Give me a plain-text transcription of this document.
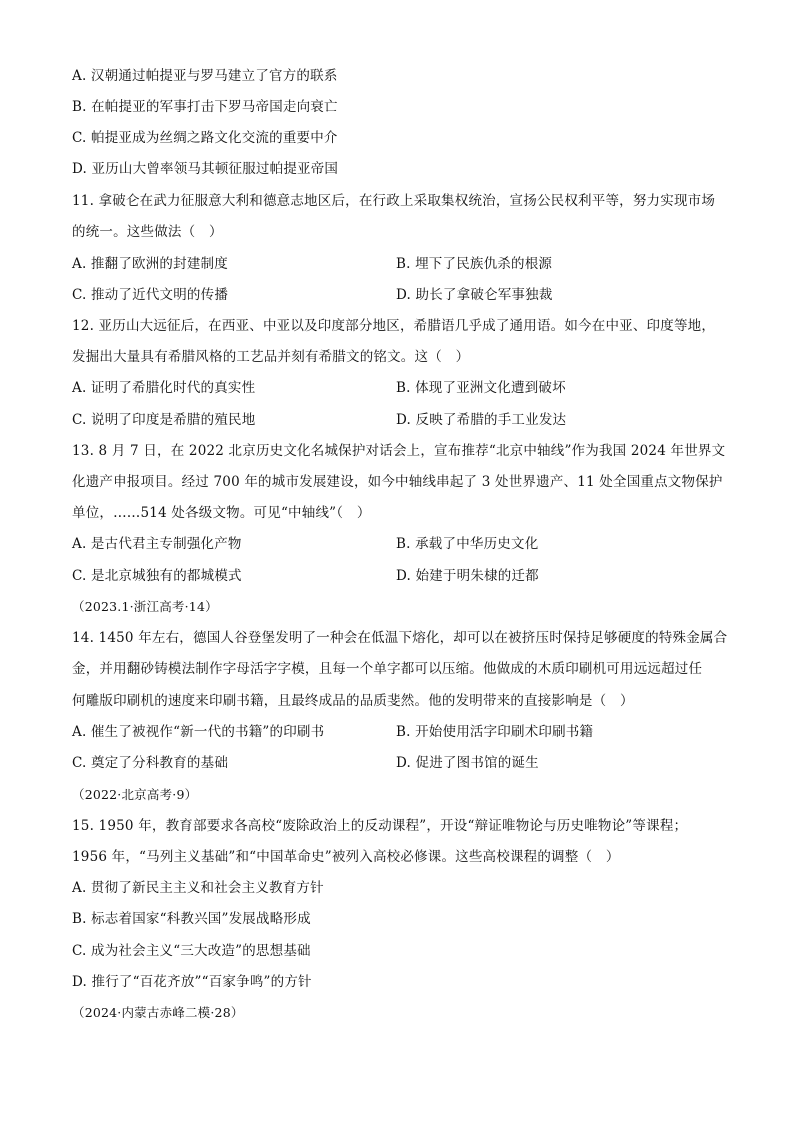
A. 汉朝通过帕提亚与罗马建立了官方的联系
B. 在帕提亚的军事打击下罗马帝国走向衰亡
C. 帕提亚成为丝绸之路文化交流的重要中介
D. 亚历山大曾率领马其顿征服过帕提亚帝国
11. 拿破仑在武力征服意大利和德意志地区后，在行政上采取集权统治，宣扬公民权利平等，努力实现市场
的统一。这些做法（　）
A. 推翻了欧洲的封建制度	B. 埋下了民族仇杀的根源
C. 推动了近代文明的传播	D. 助长了拿破仑军事独裁
12. 亚历山大远征后，在西亚、中亚以及印度部分地区，希腊语几乎成了通用语。如今在中亚、印度等地，
发掘出大量具有希腊风格的工艺品并刻有希腊文的铭文。这（　）
A. 证明了希腊化时代的真实性	B. 体现了亚洲文化遭到破坏
C. 说明了印度是希腊的殖民地	D. 反映了希腊的手工业发达
13. 8 月 7 日，在 2022 北京历史文化名城保护对话会上，宣布推荐“北京中轴线”作为我国 2024 年世界文
化遗产申报项目。经过 700 年的城市发展建设，如今中轴线串起了 3 处世界遗产、11 处全国重点文物保护
单位，……514 处各级文物。可见“中轴线”（　）
A. 是古代君主专制强化产物	B. 承载了中华历史文化
C. 是北京城独有的都城模式	D. 始建于明朱棣的迁都
（2023.1·浙江高考·14）
14. 1450 年左右，德国人谷登堡发明了一种会在低温下熔化，却可以在被挤压时保持足够硬度的特殊金属合
金，并用翻砂铸模法制作字母活字字模，且每一个单字都可以压缩。他做成的木质印刷机可用远远超过任
何雕版印刷机的速度来印刷书籍，且最终成品的品质斐然。他的发明带来的直接影响是（　）
A. 催生了被视作“新一代的书籍”的印刷书	B. 开始使用活字印刷术印刷书籍
C. 奠定了分科教育的基础	D. 促进了图书馆的诞生
（2022·北京高考·9）
15. 1950 年，教育部要求各高校“废除政治上的反动课程”，开设“辩证唯物论与历史唯物论”等课程；
1956 年，“马列主义基础”和“中国革命史”被列入高校必修课。这些高校课程的调整（　）
A. 贯彻了新民主主义和社会主义教育方针
B. 标志着国家“科教兴国”发展战略形成
C. 成为社会主义“三大改造”的思想基础
D. 推行了“百花齐放”“百家争鸣”的方针
（2024·内蒙古赤峰二模·28）
